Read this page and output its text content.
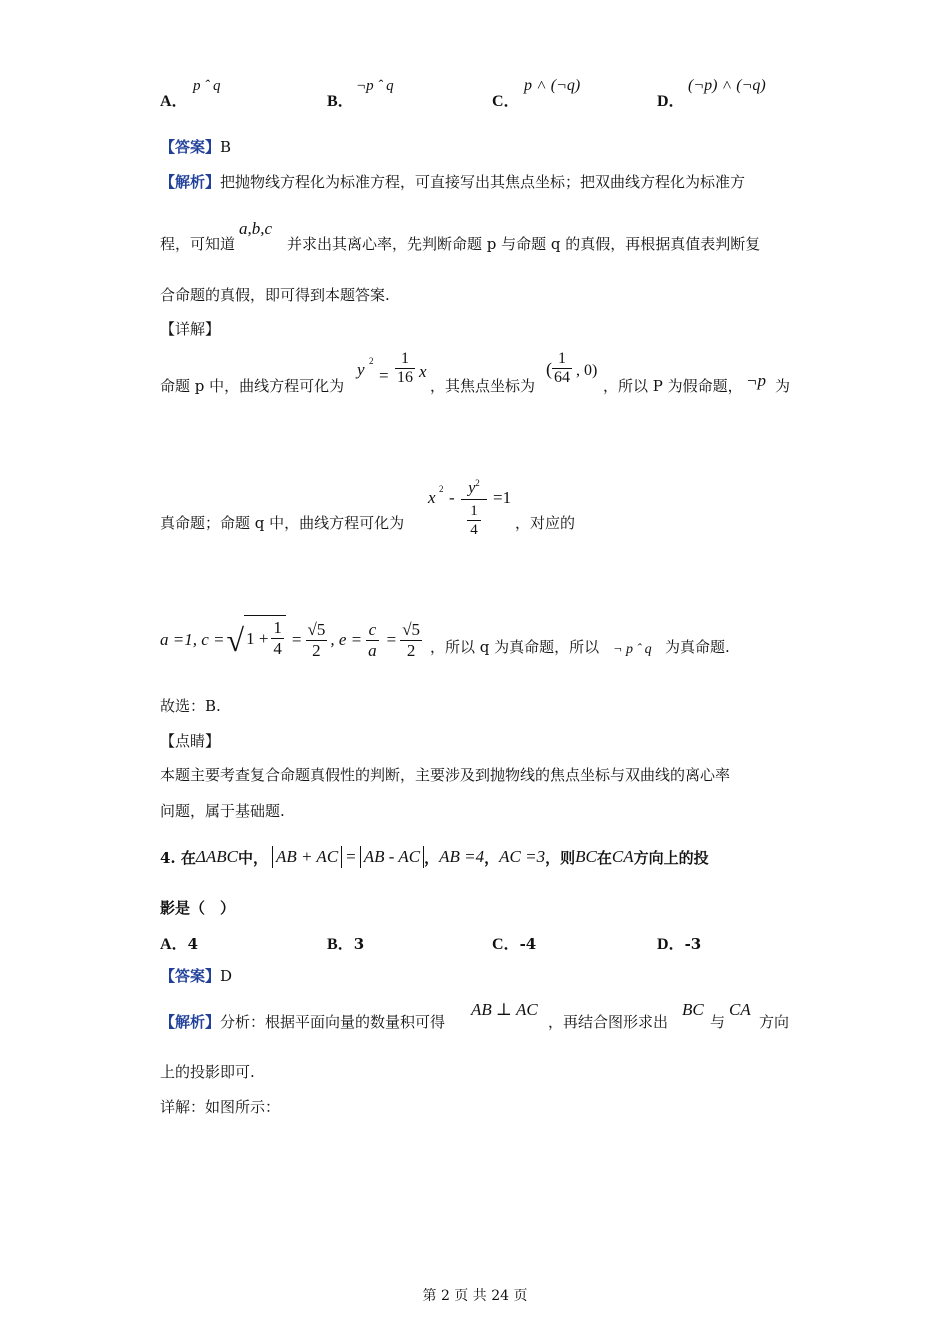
A．
p ˆ q
B．
¬p ˆ q
C．
p ˄ (¬q)
D．
(¬p) ˄ (¬q)
【答案】B
【解析】把抛物线方程化为标准方程，可直接写出其焦点坐标；把双曲线方程化为标准方
程，可知道
a,b,c
并求出其离心率，先判断命题 p 与命题 q 的真假，再根据真值表判断复
合命题的真假，即可得到本题答案.
【详解】
命题 p 中，曲线方程可化为
y 2
= $\frac{1}{16}$ x
，其焦点坐标为
( $\frac{1}{64}$ , 0)
，所以 P 为假命题， ¬p 为
真命题；命题 q 中，曲线方程可化为
x 2 -
$y^2$
$\frac{1}{4}$
=1
，对应的
a =1, c = √ $1 + \frac{1}{4} = \frac{√5}{2}$ , $e = \frac{c}{a} = \frac{√5}{2}$ ，所以 q 为真命题，所以 ¬ p ˆ q 为真命题.
故选：B.
【点睛】
本题主要考查复合命题真假性的判断，主要涉及到抛物线的焦点坐标与双曲线的离心率
问题，属于基础题.
4. 在 ΔABC 中， AB + AC = AB - AC ， AB =4 ， AC =3 ，则 BC 在 CA 方向上的投
影是（　）
A．4	B．3	C．-4	D．-3
【答案】D
【解析】分析：根据平面向量的数量积可得
AB ⊥ AC
，再结合图形求出
BC
与
CA
方向
上的投影即可.
详解：如图所示：
第 2 页 共 24 页
